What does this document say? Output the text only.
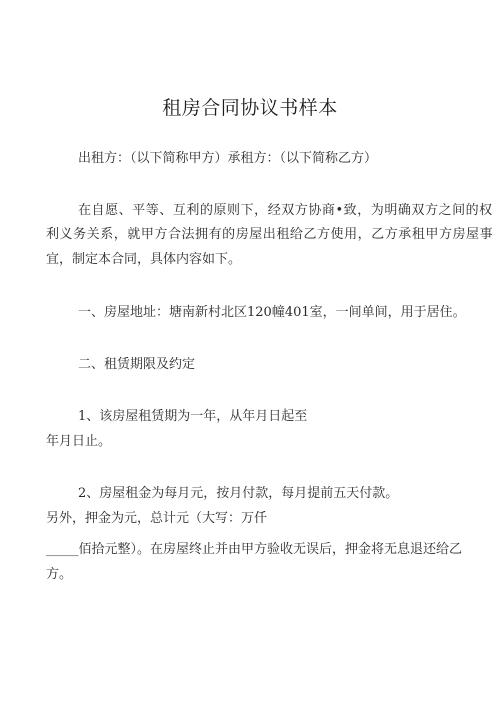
租房合同协议书样本
出租方：（以下简称甲方）承租方：（以下简称乙方）
在自愿、平等、互利的原则下，经双方协商•致，为明确双方之间的权
利义务关系，就甲方合法拥有的房屋出租给乙方使用，乙方承租甲方房屋事
宜，制定本合同，具体内容如下。
一、房屋地址：塘南新村北区120幢401室，一间单间，用于居住。
二、租赁期限及约定
1、该房屋租赁期为一年，从年月日起至
年月日止。
2、房屋租金为每月元，按月付款，每月提前五天付款。
另外，押金为元，总计元（大写：万仟
_____佰拾元整）。在房屋终止并由甲方验收无误后，押金将无息退还给乙
方。
